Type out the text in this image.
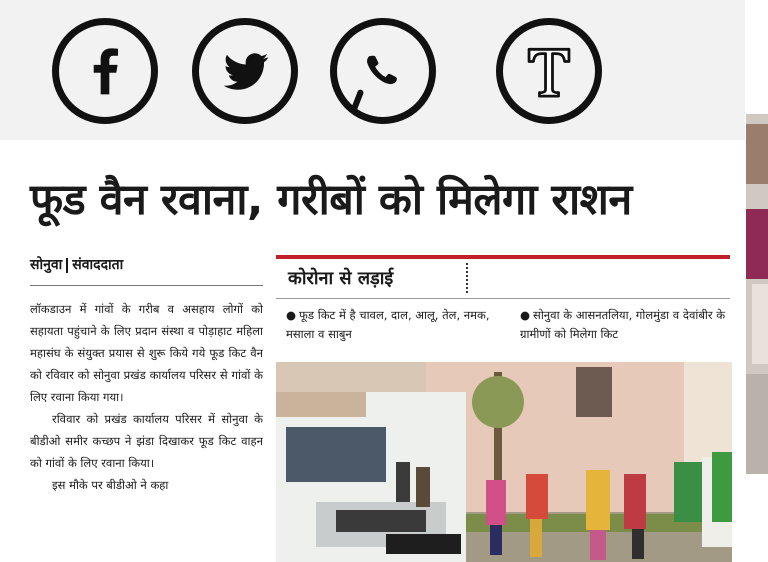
फूड वैन रवाना, गरीबों को मिलेगा राशन
सोनुवा संवाददाता

लॉकडाउन में गांवों के गरीब व असहाय लोगों को सहायता पहुंचाने के लिए प्रदान संस्था व पोड़ाहाट महिला महासंघ के संयुक्त प्रयास से शुरू किये गये फूड किट वैन को रविवार को सोनुवा प्रखंड कार्यालय परिसर से गांवों के लिए रवाना किया गया।

रविवार को प्रखंड कार्यालय परिसर में सोनुवा के बीडीओ समीर कच्छप ने झंडा दिखाकर फूड किट वाहन को गांवों के लिए रवाना किया।

इस मौके पर बीडीओ ने कहा

कोरोना से लड़ाई
● फूड किट में है चावल, दाल, आलू, तेल, नमक, मसाला व साबुन
● सोनुवा के आसनतलिया, गोलमुंडा व देवांबीर के ग्रामीणों को मिलेगा किट
